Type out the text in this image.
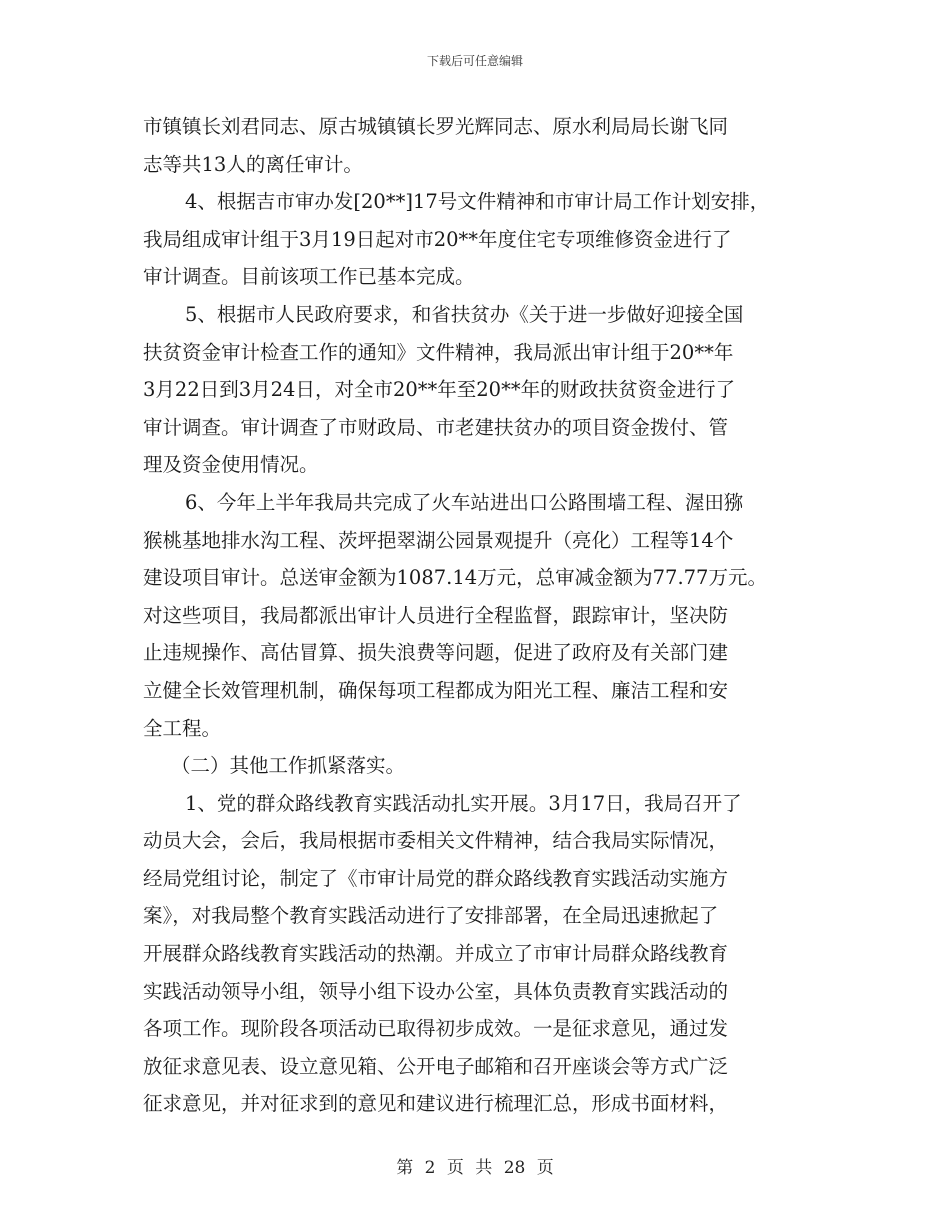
下载后可任意编辑
市镇镇长刘君同志、原古城镇镇长罗光辉同志、原水利局局长谢飞同
志等共13人的离任审计。
4、根据吉市审办发[20**]17号文件精神和市审计局工作计划安排，
我局组成审计组于3月19日起对市20**年度住宅专项维修资金进行了
审计调查。目前该项工作已基本完成。
5、根据市人民政府要求，和省扶贫办《关于进一步做好迎接全国
扶贫资金审计检查工作的通知》文件精神，我局派出审计组于20**年
3月22日到3月24日，对全市20**年至20**年的财政扶贫资金进行了
审计调查。审计调查了市财政局、市老建扶贫办的项目资金拨付、管
理及资金使用情况。
6、今年上半年我局共完成了火车站进出口公路围墙工程、渥田猕
猴桃基地排水沟工程、茨坪挹翠湖公园景观提升（亮化）工程等14个
建设项目审计。总送审金额为1087.14万元，总审减金额为77.77万元。
对这些项目，我局都派出审计人员进行全程监督，跟踪审计，坚决防
止违规操作、高估冒算、损失浪费等问题，促进了政府及有关部门建
立健全长效管理机制，确保每项工程都成为阳光工程、廉洁工程和安
全工程。
（二）其他工作抓紧落实。
1、党的群众路线教育实践活动扎实开展。3月17日，我局召开了
动员大会，会后，我局根据市委相关文件精神，结合我局实际情况，
经局党组讨论，制定了《市审计局党的群众路线教育实践活动实施方
案》，对我局整个教育实践活动进行了安排部署，在全局迅速掀起了
开展群众路线教育实践活动的热潮。并成立了市审计局群众路线教育
实践活动领导小组，领导小组下设办公室，具体负责教育实践活动的
各项工作。现阶段各项活动已取得初步成效。一是征求意见，通过发
放征求意见表、设立意见箱、公开电子邮箱和召开座谈会等方式广泛
征求意见，并对征求到的意见和建议进行梳理汇总，形成书面材料，
第 2 页 共 28 页
